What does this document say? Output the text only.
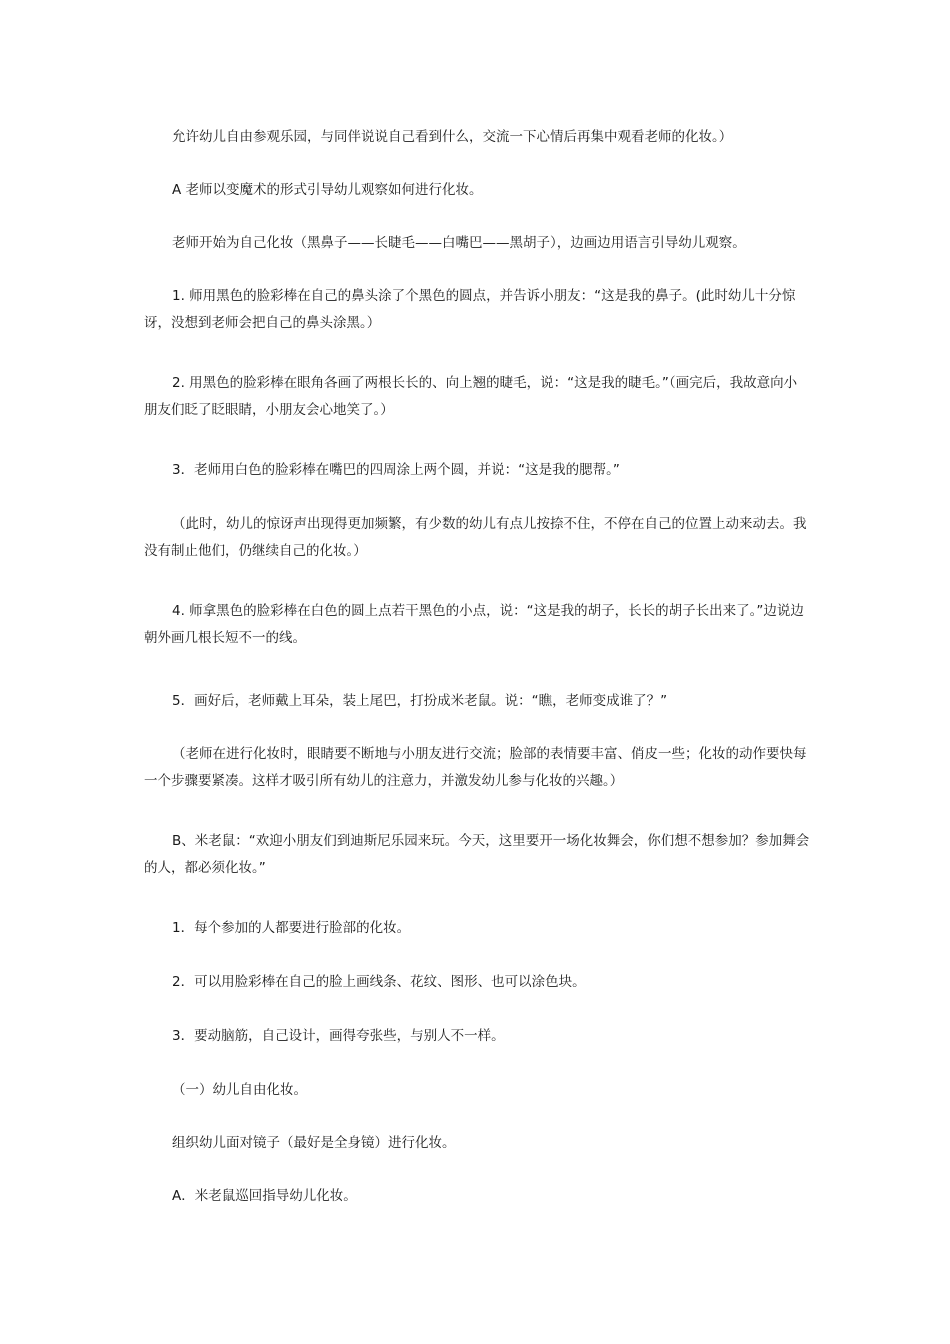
允许幼儿自由参观乐园，与同伴说说自己看到什么，交流一下心情后再集中观看老师的化妆。）

A 老师以变魔术的形式引导幼儿观察如何进行化妆。

老师开始为自己化妆（黑鼻子——长睫毛——白嘴巴——黑胡子），边画边用语言引导幼儿观察。

1. 师用黑色的脸彩棒在自己的鼻头涂了个黑色的圆点，并告诉小朋友：“这是我的鼻子。(此时幼儿十分惊讶，没想到老师会把自己的鼻头涂黑。）

2. 用黑色的脸彩棒在眼角各画了两根长长的、向上翘的睫毛，说：“这是我的睫毛。”（画完后，我故意向小朋友们眨了眨眼睛，小朋友会心地笑了。）

3．老师用白色的脸彩棒在嘴巴的四周涂上两个圆，并说：“这是我的腮帮。”

（此时，幼儿的惊讶声出现得更加频繁，有少数的幼儿有点儿按捺不住，不停在自己的位置上动来动去。我没有制止他们，仍继续自己的化妆。）

4. 师拿黑色的脸彩棒在白色的圆上点若干黑色的小点，说：“这是我的胡子，长长的胡子长出来了。”边说边朝外画几根长短不一的线。

5．画好后，老师戴上耳朵，装上尾巴，打扮成米老鼠。说：“瞧，老师变成谁了？”

（老师在进行化妆时，眼睛要不断地与小朋友进行交流；脸部的表情要丰富、俏皮一些；化妆的动作要快每一个步骤要紧凑。这样才吸引所有幼儿的注意力，并激发幼儿参与化妆的兴趣。）

B、米老鼠：“欢迎小朋友们到迪斯尼乐园来玩。今天，这里要开一场化妆舞会，你们想不想参加？参加舞会的人，都必须化妆。”

1．每个参加的人都要进行脸部的化妆。

2．可以用脸彩棒在自己的脸上画线条、花纹、图形、也可以涂色块。

3．要动脑筋，自己设计，画得夸张些，与别人不一样。

（一）幼儿自由化妆。

组织幼儿面对镜子（最好是全身镜）进行化妆。

A．米老鼠巡回指导幼儿化妆。
